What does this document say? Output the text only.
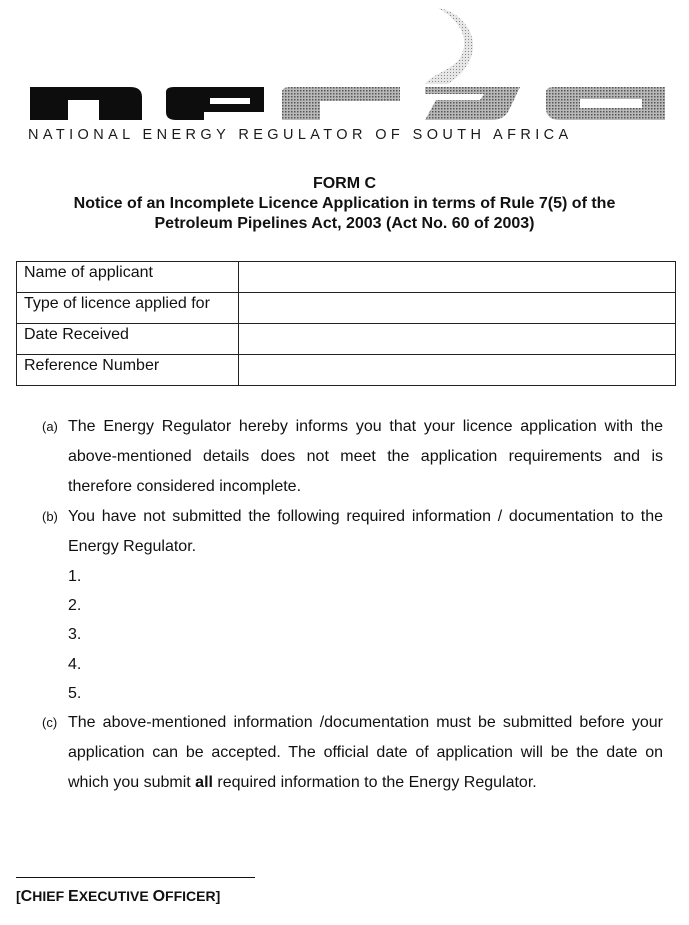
NATIONAL ENERGY REGULATOR OF SOUTH AFRICA
FORM C
Notice of an Incomplete Licence Application in terms of Rule 7(5) of the Petroleum Pipelines Act, 2003 (Act No. 60 of 2003)
Name of applicant	
Type of licence applied for	
Date Received	
Reference Number	
(a) The Energy Regulator hereby informs you that your licence application with the above-mentioned details does not meet the application requirements and is therefore considered incomplete.
(b) You have not submitted the following required information / documentation to the Energy Regulator.
1.
2.
3.
4.
5.
(c) The above-mentioned information /documentation must be submitted before your application can be accepted. The official date of application will be the date on which you submit all required information to the Energy Regulator.
[CHIEF EXECUTIVE OFFICER]
